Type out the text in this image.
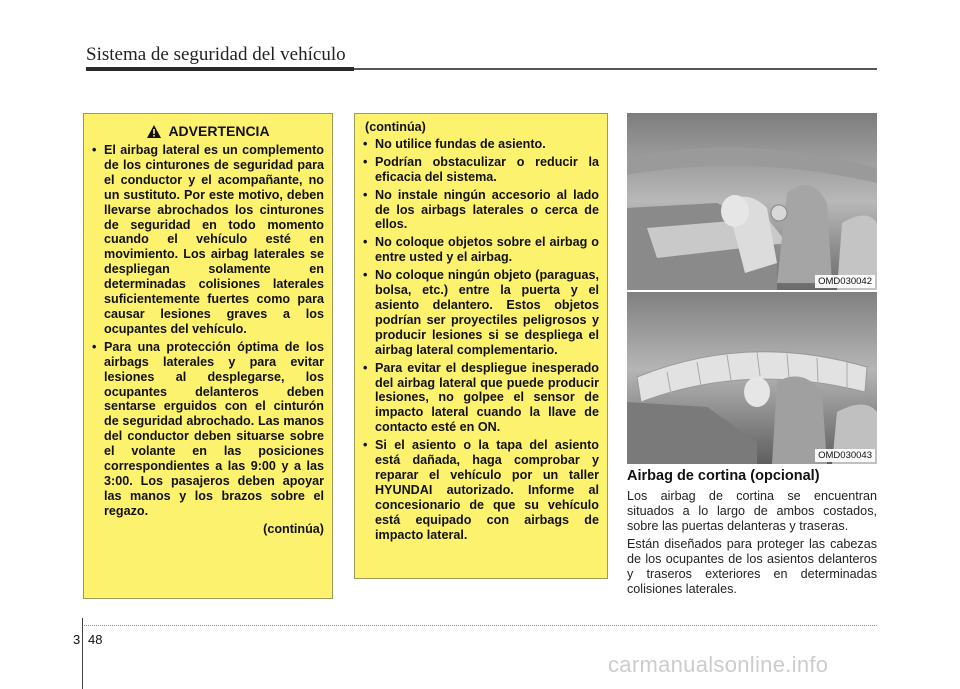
Sistema de seguridad del vehículo
ADVERTENCIA
• El airbag lateral es un complemento de los cinturones de seguridad para el conductor y el acompañante, no un sustituto. Por este motivo, deben llevarse abrochados los cinturones de seguridad en todo momento cuando el vehículo esté en movimiento. Los airbag laterales se despliegan solamente en determinadas colisiones laterales suficientemente fuertes como para causar lesiones graves a los ocupantes del vehículo.
• Para una protección óptima de los airbags laterales y para evitar lesiones al desplegarse, los ocupantes delanteros deben sentarse erguidos con el cinturón de seguridad abrochado. Las manos del conductor deben situarse sobre el volante en las posiciones correspondientes a las 9:00 y a las 3:00. Los pasajeros deben apoyar las manos y los brazos sobre el regazo.
(continúa)
(continúa)
• No utilice fundas de asiento.
• Podrían obstaculizar o reducir la eficacia del sistema.
• No instale ningún accesorio al lado de los airbags laterales o cerca de ellos.
• No coloque objetos sobre el airbag o entre usted y el airbag.
• No coloque ningún objeto (paraguas, bolsa, etc.) entre la puerta y el asiento delantero. Estos objetos podrían ser proyectiles peligrosos y producir lesiones si se despliega el airbag lateral complementario.
• Para evitar el despliegue inesperado del airbag lateral que puede producir lesiones, no golpee el sensor de impacto lateral cuando la llave de contacto esté en ON.
• Si el asiento o la tapa del asiento está dañada, haga comprobar y reparar el vehículo por un taller HYUNDAI autorizado. Informe al concesionario de que su vehículo está equipado con airbags de impacto lateral.
OMD030042
OMD030043
Airbag de cortina (opcional)

Los airbag de cortina se encuentran situados a lo largo de ambos costados, sobre las puertas delanteras y traseras.

Están diseñados para proteger las cabezas de los ocupantes de los asientos delanteros y traseros exteriores en determinadas colisiones laterales.

3 48
carmanualsonline.info
